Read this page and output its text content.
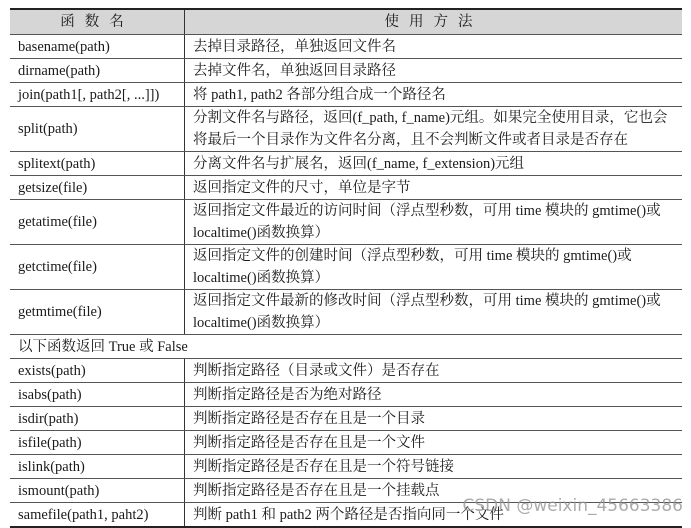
函数名	使用方法
basename(path)	去掉目录路径，单独返回文件名
dirname(path)	去掉文件名，单独返回目录路径
join(path1[, path2[, ...]])	将 path1, path2 各部分组合成一个路径名
split(path)	分割文件名与路径，返回(f_path, f_name)元组。如果完全使用目录，它也会将最后一个目录作为文件名分离，且不会判断文件或者目录是否存在
splitext(path)	分离文件名与扩展名，返回(f_name, f_extension)元组
getsize(file)	返回指定文件的尺寸，单位是字节
getatime(file)	返回指定文件最近的访问时间（浮点型秒数，可用 time 模块的 gmtime()或 localtime()函数换算）
getctime(file)	返回指定文件的创建时间（浮点型秒数，可用 time 模块的 gmtime()或 localtime()函数换算）
getmtime(file)	返回指定文件最新的修改时间（浮点型秒数，可用 time 模块的 gmtime()或 localtime()函数换算）
以下函数返回 True 或 False	
exists(path)	判断指定路径（目录或文件）是否存在
isabs(path)	判断指定路径是否为绝对路径
isdir(path)	判断指定路径是否存在且是一个目录
isfile(path)	判断指定路径是否存在且是一个文件
islink(path)	判断指定路径是否存在且是一个符号链接
ismount(path)	判断指定路径是否存在且是一个挂载点
samefile(path1, paht2)	判断 path1 和 path2 两个路径是否指向同一个文件
CSDN @weixin_45663386
